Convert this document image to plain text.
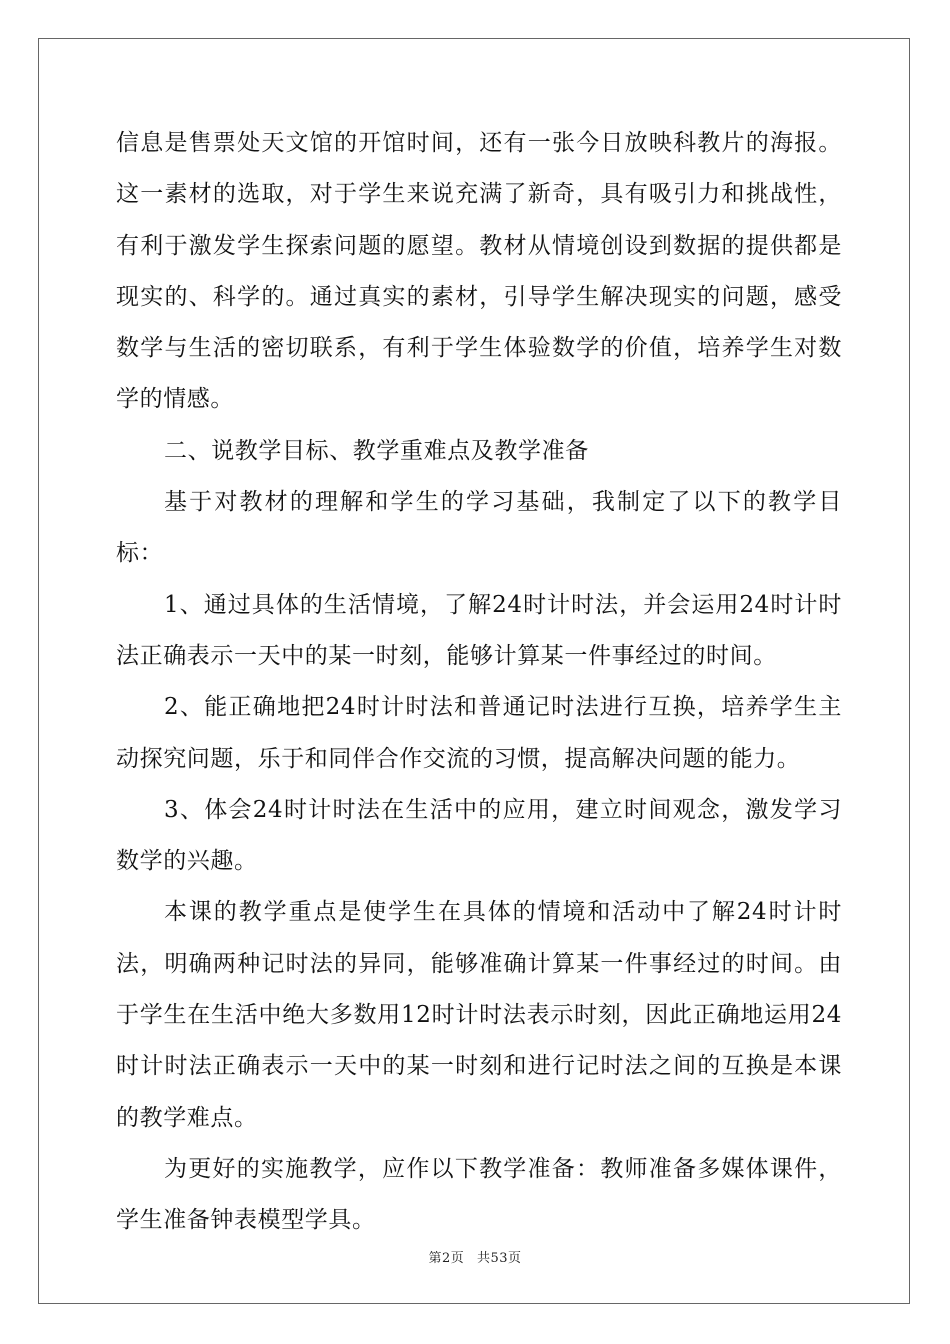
信息是售票处天文馆的开馆时间，还有一张今日放映科教片的海报。这一素材的选取，对于学生来说充满了新奇，具有吸引力和挑战性，有利于激发学生探索问题的愿望。教材从情境创设到数据的提供都是现实的、科学的。通过真实的素材，引导学生解决现实的问题，感受数学与生活的密切联系，有利于学生体验数学的价值，培养学生对数学的情感。

二、说教学目标、教学重难点及教学准备

基于对教材的理解和学生的学习基础，我制定了以下的教学目标：

1、通过具体的生活情境，了解24时计时法，并会运用24时计时法正确表示一天中的某一时刻，能够计算某一件事经过的时间。

2、能正确地把24时计时法和普通记时法进行互换，培养学生主动探究问题，乐于和同伴合作交流的习惯，提高解决问题的能力。

3、体会24时计时法在生活中的应用，建立时间观念，激发学习数学的兴趣。

本课的教学重点是使学生在具体的情境和活动中了解24时计时法，明确两种记时法的异同，能够准确计算某一件事经过的时间。由于学生在生活中绝大多数用12时计时法表示时刻，因此正确地运用24时计时法正确表示一天中的某一时刻和进行记时法之间的互换是本课的教学难点。

为更好的实施教学，应作以下教学准备：教师准备多媒体课件，学生准备钟表模型学具。

第2页 共53页
